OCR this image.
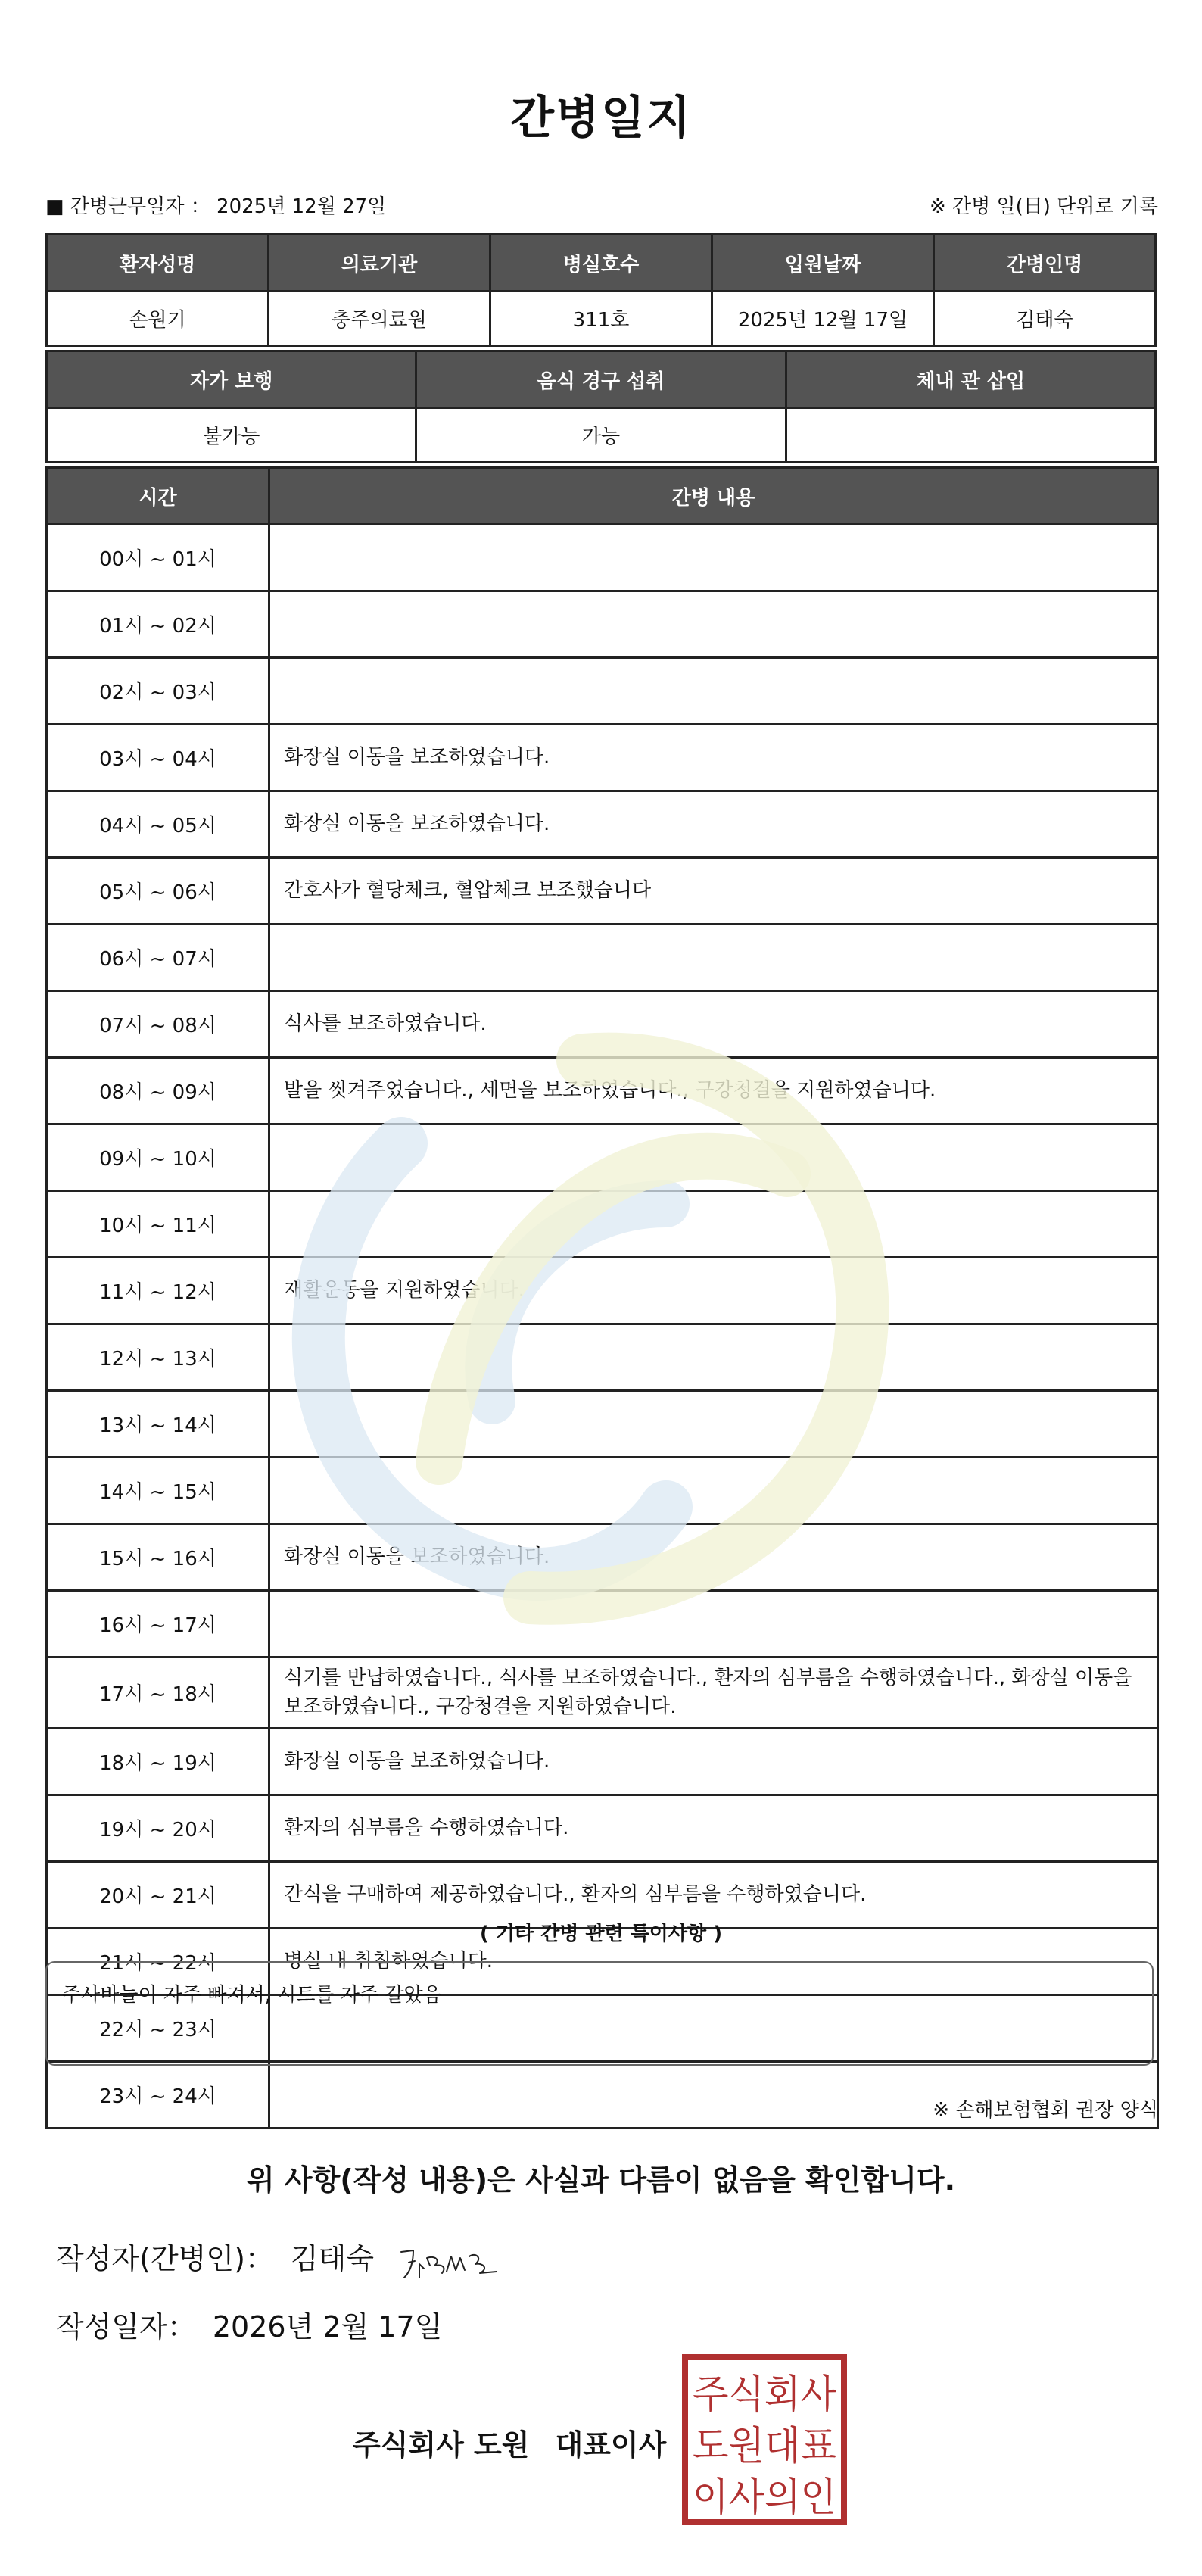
간병일지
■ 간병근무일자 ： 2025년 12월 27일	※ 간병 일(日) 단위로 기록
환자성명	의료기관	병실호수	입원날짜	간병인명
손원기	충주의료원	311호	2025년 12월 17일	김태숙
자가 보행	음식 경구 섭취	체내 관 삽입
불가능	가능	
시간	간병 내용
00시 ~ 01시	
01시 ~ 02시	
02시 ~ 03시	
03시 ~ 04시	화장실 이동을 보조하였습니다.
04시 ~ 05시	화장실 이동을 보조하였습니다.
05시 ~ 06시	간호사가 혈당체크, 혈압체크 보조했습니다
06시 ~ 07시	
07시 ~ 08시	식사를 보조하였습니다.
08시 ~ 09시	발을 씻겨주었습니다., 세면을 보조하였습니다., 구강청결을 지원하였습니다.
09시 ~ 10시	
10시 ~ 11시	
11시 ~ 12시	재활운동을 지원하였습니다.
12시 ~ 13시	
13시 ~ 14시	
14시 ~ 15시	
15시 ~ 16시	화장실 이동을 보조하였습니다.
16시 ~ 17시	
17시 ~ 18시	식기를 반납하였습니다., 식사를 보조하였습니다., 환자의 심부름을 수행하였습니다., 화장실 이동을 보조하였습니다., 구강청결을 지원하였습니다.
18시 ~ 19시	화장실 이동을 보조하였습니다.
19시 ~ 20시	환자의 심부름을 수행하였습니다.
20시 ~ 21시	간식을 구매하여 제공하였습니다., 환자의 심부름을 수행하였습니다.
21시 ~ 22시	병실 내 취침하였습니다.
22시 ~ 23시	
23시 ~ 24시	
( 기타 간병 관련 특이사항 )
주사바늘이 자주 빠져서, 시트를 자주 갈았음
※ 손해보험협회 권장 양식
위 사항(작성 내용)은 사실과 다름이 없음을 확인합니다.
작성자(간병인)： 김태숙
작성일자： 2026년 2월 17일
주식회사 도원 대표이사
주식회사
도원대표
이사의인
